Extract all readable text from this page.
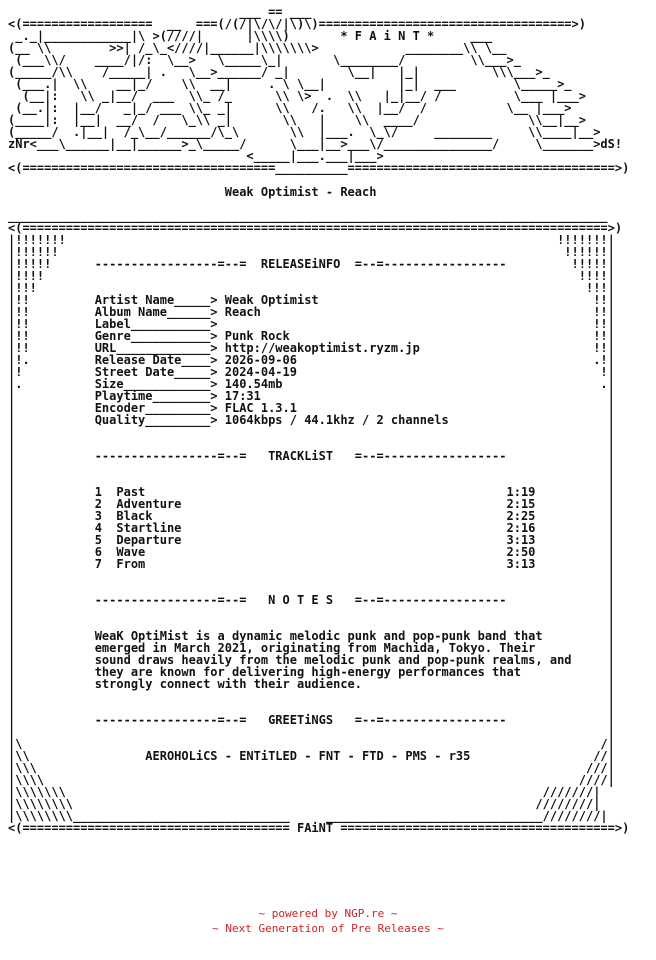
___ == ___
<(==================  __  ===(/(/|\/\/|\)\)===================================>)
_._|____________|\ >(////|      |\\\\)       * F A i N T *     ___
(__ \\        >>| /_\_<////|______|\\\\\\\>            ________\\ \__
(___\\/    ____/|/:  \__>   \_____\_|       \________/         \\___>_
(_____/\\    /_____| .   \__>______/ _|        \__|   |_|          \\\___>_
(___.|  \\    __|_/    \\  __|     . \ \__|          |_|  ___        \_____>_
(__|:   \\ _|__/  ___  \\_ /_      \\ \>  .  \\   |_|__/ /          \___ |___>
(__.|:  |__/   _|_/ ___ \\_ _|      \\   /.   \\  |__/  /           \__ |___>
(____|:  |__|  __/  /   \_\\ _|       \\   |    \\  ____/               \\__|__>
(_____/  .|__|  /_\__/______/\_\       \\  |___.  \_\/     ________     \\____|__>
zNr<___\______|__|______>_\_____/      \___|__>___\/_______________/     \_______>dS!
<_____|___.___|___>
<(===================================__________=====================================>)

Weak Optimist - Reach

___________________________________________________________________________________
<(=================================================================================>)
|!!!!!!!                                                                    !!!!!!!|
|!!!!!!                                                                      !!!!!!|
|!!!!!      -----------------=--=  RELEASEiNFO  =--=-----------------         !!!!!|
|!!!!                                                                          !!!!|
|!!!                                                                            !!!|
|!!         Artist Name_____> Weak Optimist                                      !!|
|!!         Album Name______> Reach                                              !!|
|!!         Label___________>                                                    !!|
|!!         Genre___________> Punk Rock                                          !!|
|!!         URL_____________> http://weakoptimist.ryzm.jp                        !!|
|!.         Release Date____> 2026-09-06                                         .!|
|!          Street Date_____> 2024-04-19                                          !|
|.          Size____________> 140.54mb                                            .|
|           Playtime________> 17:31                                                |
|           Encoder_________> FLAC 1.3.1                                           |
|           Quality_________> 1064kbps / 44.1khz / 2 channels                      |
|                                                                                  |
|                                                                                  |
|           -----------------=--=   TRACKLiST   =--=-----------------              |
|                                                                                  |
|                                                                                  |
|           1  Past                                                  1:19          |
|           2  Adventure                                             2:15          |
|           3  Black                                                 2:25          |
|           4  Startline                                             2:16          |
|           5  Departure                                             3:13          |
|           6  Wave                                                  2:50          |
|           7  From                                                  3:13          |
|                                                                                  |
|                                                                                  |
|           -----------------=--=   N O T E S   =--=-----------------              |
|                                                                                  |
|                                                                                  |
|           WeaK OptiMist is a dynamic melodic punk and pop-punk band that         |
|           emerged in March 2021, originating from Machida, Tokyo. Their          |
|           sound draws heavily from the melodic punk and pop-punk realms, and     |
|           they are known for delivering high-energy performances that            |
|           strongly connect with their audience.                                  |
|                                                                                  |
|                                                                                  |
|           -----------------=--=   GREETiNGS   =--=-----------------              |
|                                                                                  |
|\                                                                                /|
|\\                AEROHOLiCS - ENTiTLED - FNT - FTD - PMS - r35                 //|
|\\\                                                                            ///|
|\\\\                                                                          ////|
|\\\\\\\                                                                  ///////|
|\\\\\\\\                                                                ////////|
|\\\\\\\\______________________________     ______________________________////////|
<(===================================== FAiNT ======================================>)
~ powered by NGP.re ~
~ Next Generation of Pre Releases ~
